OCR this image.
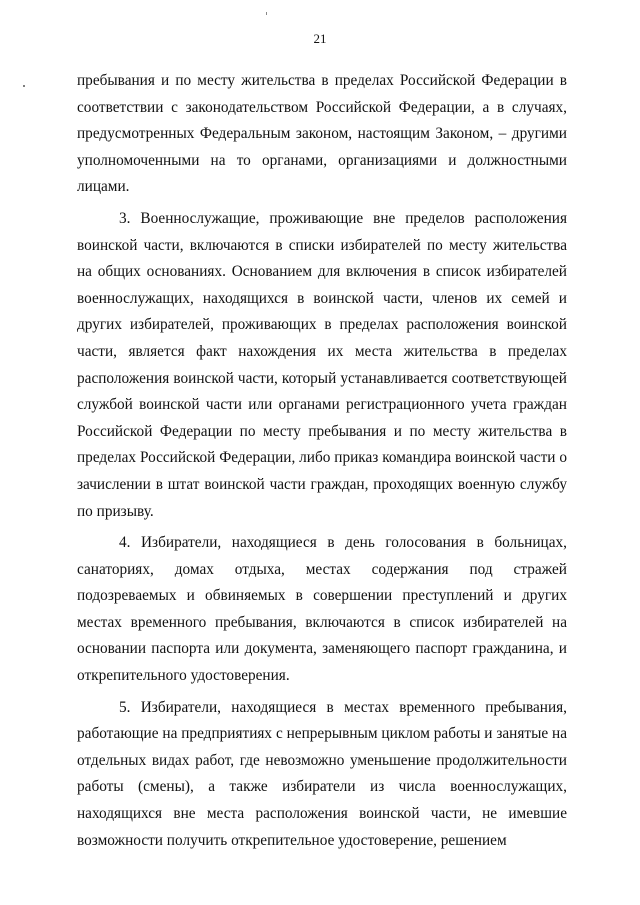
21

пребывания и по месту жительства в пределах Российской Федерации в соответствии с законодательством Российской Федерации, а в случаях, предусмотренных Федеральным законом, настоящим Законом, – другими уполномоченными на то органами, организациями и должностными лицами.

3. Военнослужащие, проживающие вне пределов расположения воинской части, включаются в списки избирателей по месту жительства на общих основаниях. Основанием для включения в список избирателей военнослужащих, находящихся в воинской части, членов их семей и других избирателей, проживающих в пределах расположения воинской части, является факт нахождения их места жительства в пределах расположения воинской части, который устанавливается соответствующей службой воинской части или органами регистрационного учета граждан Российской Федерации по месту пребывания и по месту жительства в пределах Российской Федерации, либо приказ командира воинской части о зачислении в штат воинской части граждан, проходящих военную службу по призыву.

4. Избиратели, находящиеся в день голосования в больницах, санаториях, домах отдыха, местах содержания под стражей подозреваемых и обвиняемых в совершении преступлений и других местах временного пребывания, включаются в список избирателей на основании паспорта или документа, заменяющего паспорт гражданина, и открепительного удостоверения.

5. Избиратели, находящиеся в местах временного пребывания, работающие на предприятиях с непрерывным циклом работы и занятые на отдельных видах работ, где невозможно уменьшение продолжительности работы (смены), а также избиратели из числа военнослужащих, находящихся вне места расположения воинской части, не имевшие возможности получить открепительное удостоверение, решением
